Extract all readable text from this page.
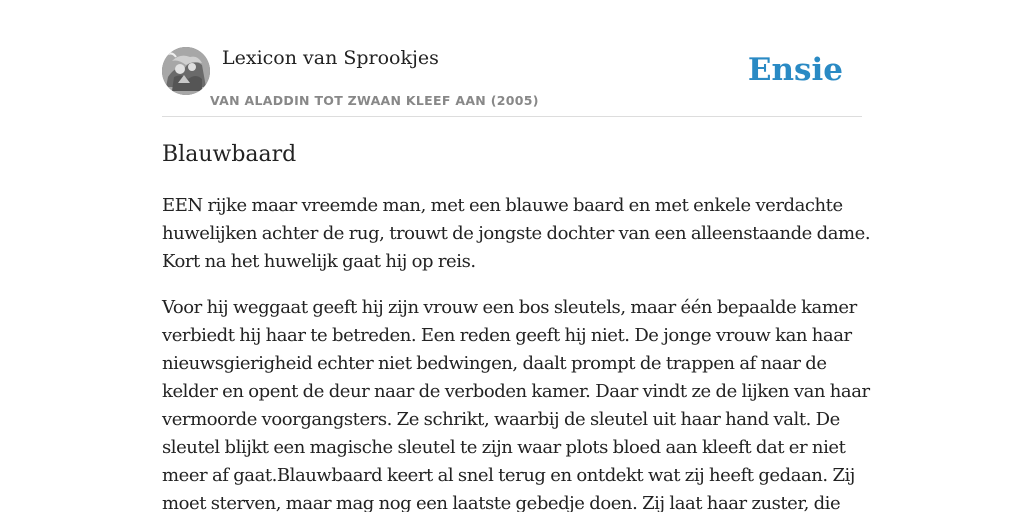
Lexicon van Sprookjes
VAN ALADDIN TOT ZWAAN KLEEF AAN (2005)
Ensie
Blauwbaard

EEN rijke maar vreemde man, met een blauwe baard en met enkele verdachte
huwelijken achter de rug, trouwt de jongste dochter van een alleenstaande dame.
Kort na het huwelijk gaat hij op reis.

Voor hij weggaat geeft hij zijn vrouw een bos sleutels, maar één bepaalde kamer
verbiedt hij haar te betreden. Een reden geeft hij niet. De jonge vrouw kan haar
nieuwsgierigheid echter niet bedwingen, daalt prompt de trappen af naar de
kelder en opent de deur naar de verboden kamer. Daar vindt ze de lijken van haar
vermoorde voorgangsters. Ze schrikt, waarbij de sleutel uit haar hand valt. De
sleutel blijkt een magische sleutel te zijn waar plots bloed aan kleeft dat er niet
meer af gaat.Blauwbaard keert al snel terug en ontdekt wat zij heeft gedaan. Zij
moet sterven, maar mag nog een laatste gebedje doen. Zij laat haar zuster, die
